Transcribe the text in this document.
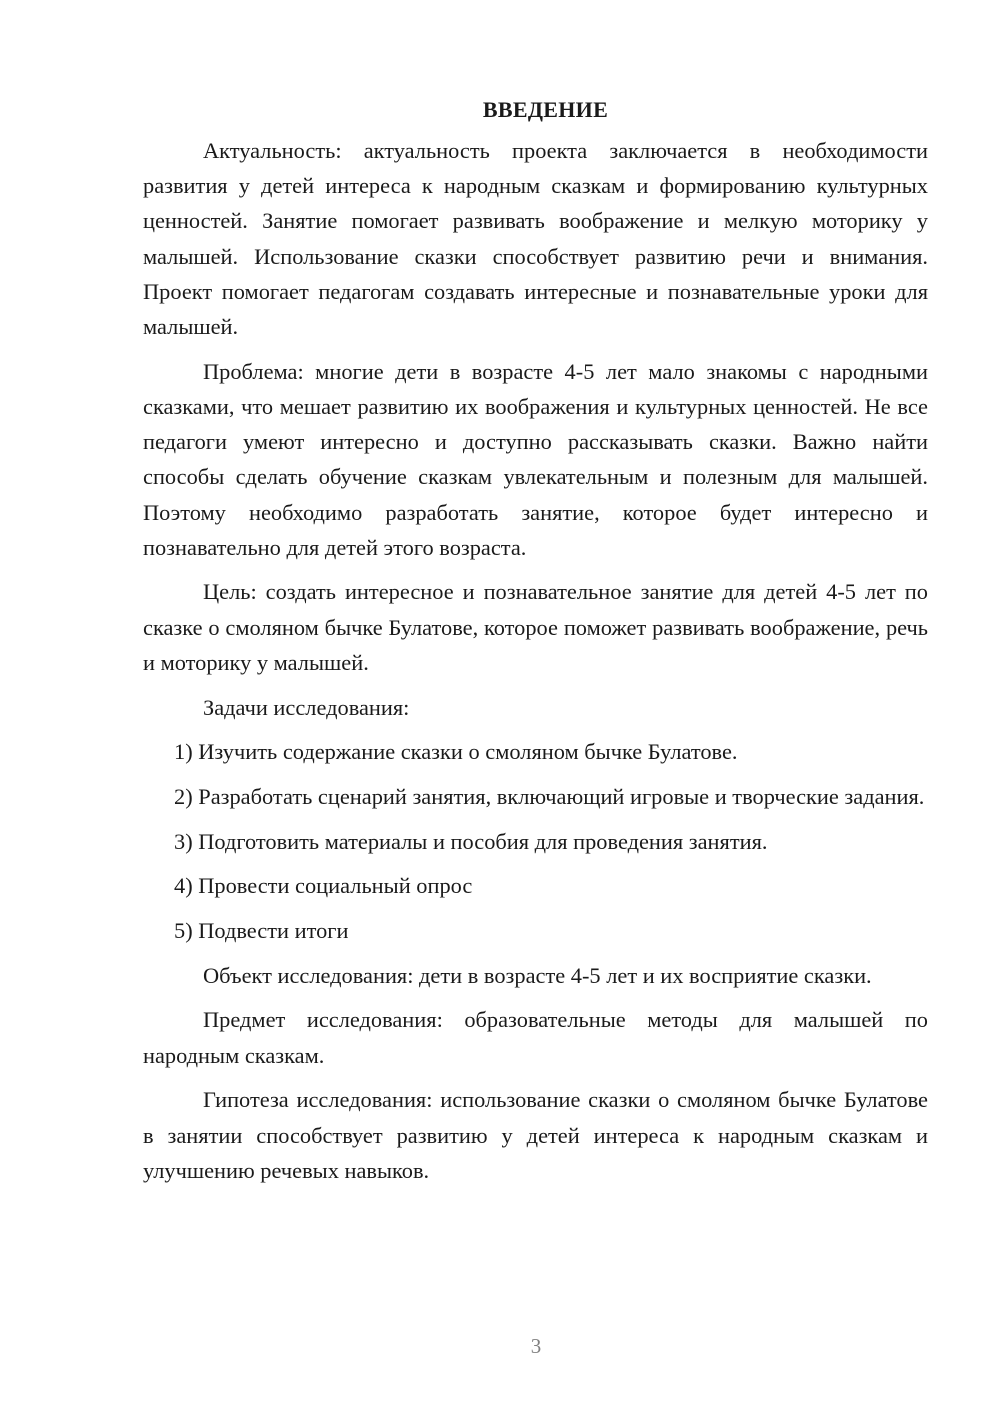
ВВЕДЕНИЕ

Актуальность: актуальность проекта заключается в необходимости развития у детей интереса к народным сказкам и формированию культурных ценностей. Занятие помогает развивать воображение и мелкую моторику у малышей. Использование сказки способствует развитию речи и внимания. Проект помогает педагогам создавать интересные и познавательные уроки для малышей.

Проблема: многие дети в возрасте 4-5 лет мало знакомы с народными сказками, что мешает развитию их воображения и культурных ценностей. Не все педагоги умеют интересно и доступно рассказывать сказки. Важно найти способы сделать обучение сказкам увлекательным и полезным для малышей. Поэтому необходимо разработать занятие, которое будет интересно и познавательно для детей этого возраста.

Цель: создать интересное и познавательное занятие для детей 4-5 лет по сказке о смоляном бычке Булатове, которое поможет развивать воображение, речь и моторику у малышей.

Задачи исследования:

1) Изучить содержание сказки о смоляном бычке Булатове.

2) Разработать сценарий занятия, включающий игровые и творческие задания.

3) Подготовить материалы и пособия для проведения занятия.

4) Провести социальный опрос

5) Подвести итоги

Объект исследования: дети в возрасте 4-5 лет и их восприятие сказки.

Предмет исследования: образовательные методы для малышей по народным сказкам.

Гипотеза исследования: использование сказки о смоляном бычке Булатове в занятии способствует развитию у детей интереса к народным сказкам и улучшению речевых навыков.

3
